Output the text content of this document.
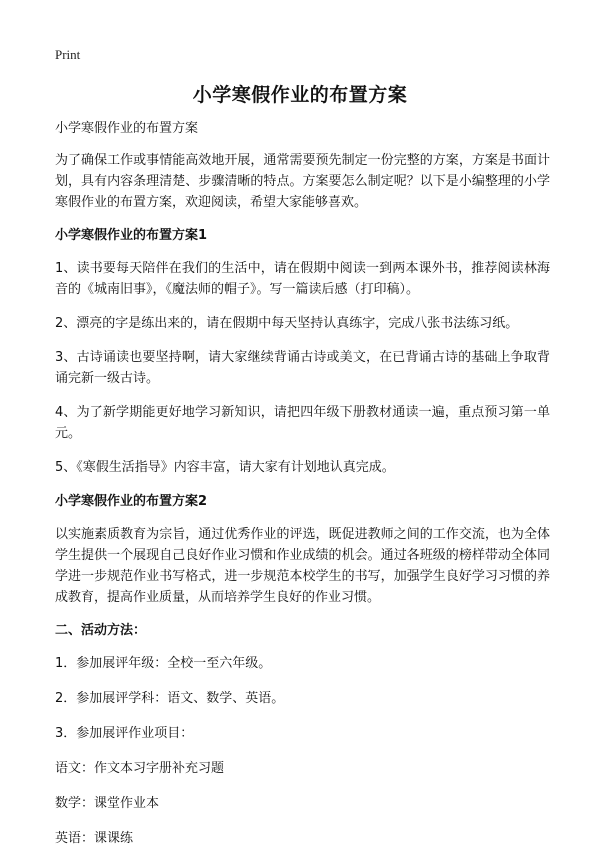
Print
小学寒假作业的布置方案

小学寒假作业的布置方案

为了确保工作或事情能高效地开展，通常需要预先制定一份完整的方案，方案是书面计划，具有内容条理清楚、步骤清晰的特点。方案要怎么制定呢？以下是小编整理的小学寒假作业的布置方案，欢迎阅读，希望大家能够喜欢。

小学寒假作业的布置方案1

1、读书要每天陪伴在我们的生活中，请在假期中阅读一到两本课外书，推荐阅读林海音的《城南旧事》，《魔法师的帽子》。写一篇读后感（打印稿）。

2、漂亮的字是练出来的，请在假期中每天坚持认真练字，完成八张书法练习纸。

3、古诗诵读也要坚持啊，请大家继续背诵古诗或美文，在已背诵古诗的基础上争取背诵完新一级古诗。

4、为了新学期能更好地学习新知识，请把四年级下册教材通读一遍，重点预习第一单元。

5、《寒假生活指导》内容丰富，请大家有计划地认真完成。

小学寒假作业的布置方案2

以实施素质教育为宗旨，通过优秀作业的评选，既促进教师之间的工作交流，也为全体学生提供一个展现自己良好作业习惯和作业成绩的机会。通过各班级的榜样带动全体同学进一步规范作业书写格式，进一步规范本校学生的书写，加强学生良好学习习惯的养成教育，提高作业质量，从而培养学生良好的作业习惯。

二、活动方法：

1．参加展评年级：全校一至六年级。

2．参加展评学科：语文、数学、英语。

3．参加展评作业项目：

语文：作文本习字册补充习题

数学：课堂作业本

英语：课课练
